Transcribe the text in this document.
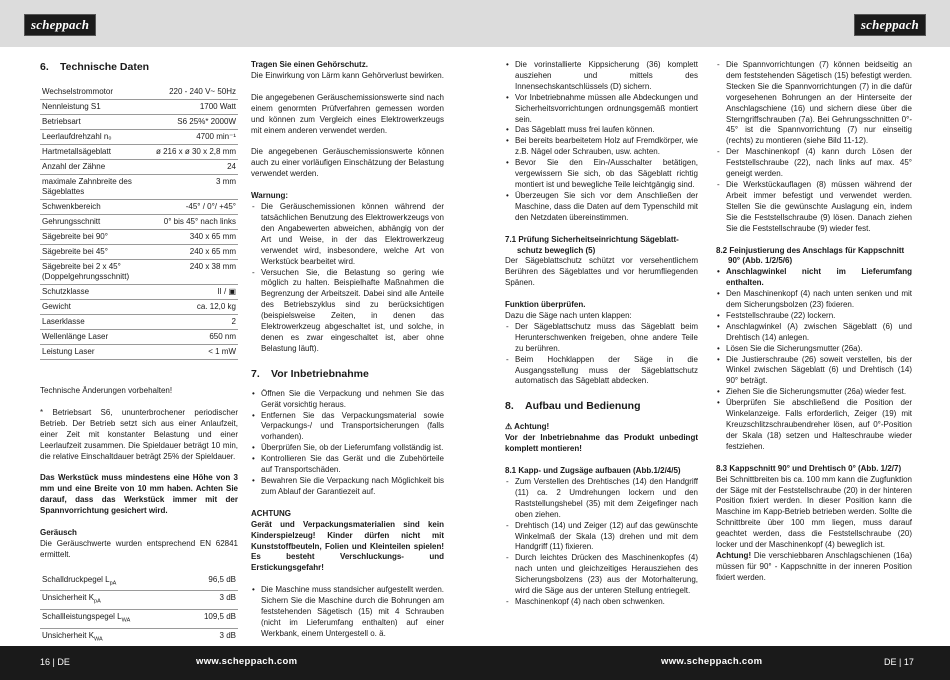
scheppach	scheppach
6. Technische Daten
Wechselstrommotor	220 - 240 V~ 50Hz
Nennleistung S1	1700 Watt
Betriebsart	S6 25%* 2000W
Leerlaufdrehzahl n₀	4700 min⁻¹
Hartmetallsägeblatt	ø 216 x ø 30 x 2,8 mm
Anzahl der Zähne	24
maximale Zahnbreite des Sägeblattes	3 mm
Schwenkbereich	-45° / 0°/ +45°
Gehrungsschnitt	0° bis 45° nach links
Sägebreite bei 90°	340 x 65 mm
Sägebreite bei 45°	240 x 65 mm
Sägebreite bei 2 x 45° (Doppelgehrungsschnitt)	240 x 38 mm
Schutzklasse	II / ▣
Gewicht	ca. 12,0 kg
Laserklasse	2
Wellenlänge Laser	650 nm
Leistung Laser	< 1 mW

Technische Änderungen vorbehalten!

* Betriebsart S6, ununterbrochener periodischer Betrieb. Der Betrieb setzt sich aus einer Anlaufzeit, einer Zeit mit konstanter Belastung und einer Leerlaufzeit zusammen. Die Spieldauer beträgt 10 min, die relative Einschaltdauer beträgt 25% der Spieldauer.

Das Werkstück muss mindestens eine Höhe von 3 mm und eine Breite von 10 mm haben. Achten Sie darauf, dass das Werkstück immer mit der Spannvorrichtung gesichert wird.

Geräusch

Die Geräuschwerte wurden entsprechend EN 62841 ermittelt.

Schalldruckpegel $L_{pA}$	96,5 dB
Unsicherheit $K_{pA}$	3 dB
Schallleistungspegel $L_{WA}$	109,5 dB
Unsicherheit $K_{WA}$	3 dB

Tragen Sie einen Gehörschutz.

Die Einwirkung von Lärm kann Gehörverlust bewirken.

Die angegebenen Geräuschemissionswerte sind nach einem genormten Prüfverfahren gemessen worden und können zum Vergleich eines Elektrowerkzeugs mit einem anderen verwendet werden.

Die angegebenen Geräuschemissionswerte können auch zu einer vorläufigen Einschätzung der Belastung verwendet werden.

Warnung:

- Die Geräuschemissionen können während der tatsächlichen Benutzung des Elektrowerkzeugs von den Angabewerten abweichen, abhängig von der Art und Weise, in der das Elektrowerkzeug verwendet wird, insbesondere, welche Art von Werkstück bearbeitet wird.
- Versuchen Sie, die Belastung so gering wie möglich zu halten. Beispielhafte Maßnahmen die Begrenzung der Arbeitszeit. Dabei sind alle Anteile des Betriebszyklus sind zu berücksichtigen (beispielsweise Zeiten, in denen das Elektrowerkzeug abgeschaltet ist, und solche, in denen es zwar eingeschaltet ist, aber ohne Belastung läuft).
7. Vor Inbetriebnahme
• Öffnen Sie die Verpackung und nehmen Sie das Gerät vorsichtig heraus.
• Entfernen Sie das Verpackungsmaterial sowie Verpackungs-/ und Transportsicherungen (falls vorhanden).
• Überprüfen Sie, ob der Lieferumfang vollständig ist.
• Kontrollieren Sie das Gerät und die Zubehörteile auf Transportschäden.
• Bewahren Sie die Verpackung nach Möglichkeit bis zum Ablauf der Garantiezeit auf.

ACHTUNG

Gerät und Verpackungsmaterialien sind kein Kinderspielzeug! Kinder dürfen nicht mit Kunststoffbeuteln, Folien und Kleinteilen spielen! Es besteht Verschluckungs- und Erstickungsgefahr!

• Die Maschine muss standsicher aufgestellt werden. Sichern Sie die Maschine durch die Bohrungen am feststehenden Sägetisch (15) mit 4 Schrauben (nicht im Lieferumfang enthalten) auf einer Werkbank, einem Untergestell o. ä.
• Die vorinstallierte Kippsicherung (36) komplett ausziehen und mittels des Innensechskantschlüssels (D) sichern.
• Vor Inbetriebnahme müssen alle Abdeckungen und Sicherheitsvorrichtungen ordnungsgemäß montiert sein.
• Das Sägeblatt muss frei laufen können.
• Bei bereits bearbeitetem Holz auf Fremdkörper, wie z.B. Nägel oder Schrauben, usw. achten.
• Bevor Sie den Ein-/Ausschalter betätigen, vergewissern Sie sich, ob das Sägeblatt richtig montiert ist und bewegliche Teile leichtgängig sind.
• Überzeugen Sie sich vor dem Anschließen der Maschine, dass die Daten auf dem Typenschild mit den Netzdaten übereinstimmen.

7.1 Prüfung Sicherheitseinrichtung Sägeblatt-
schutz beweglich (5)

Der Sägeblattschutz schützt vor versehentlichem Berühren des Sägeblattes und vor herumfliegenden Spänen.

Funktion überprüfen.

Dazu die Säge nach unten klappen:

- Der Sägeblattschutz muss das Sägeblatt beim Herunterschwenken freigeben, ohne andere Teile zu berühren.
- Beim Hochklappen der Säge in die Ausgangsstellung muss der Sägeblattschutz automatisch das Sägeblatt abdecken.
8. Aufbau und Bedienung

⚠ Achtung!

Vor der Inbetriebnahme das Produkt unbedingt komplett montieren!

8.1 Kapp- und Zugsäge aufbauen (Abb.1/2/4/5)

- Zum Verstellen des Drehtisches (14) den Handgriff (11) ca. 2 Umdrehungen lockern und den Raststellungshebel (35) mit dem Zeigefinger nach oben ziehen.
- Drehtisch (14) und Zeiger (12) auf das gewünschte Winkelmaß der Skala (13) drehen und mit dem Handgriff (11) fixieren.
- Durch leichtes Drücken des Maschinenkopfes (4) nach unten und gleichzeitiges Herausziehen des Sicherungsbolzens (23) aus der Motorhalterung, wird die Säge aus der unteren Stellung entriegelt.
- Maschinenkopf (4) nach oben schwenken.
- Die Spannvorrichtungen (7) können beidseitig an dem feststehenden Sägetisch (15) befestigt werden. Stecken Sie die Spannvorrichtungen (7) in die dafür vorgesehenen Bohrungen an der Hinterseite der Anschlagschiene (16) und sichern diese über die Sterngriffschrauben (7a). Bei Gehrungsschnitten 0°- 45° ist die Spannvorrichtung (7) nur einseitig (rechts) zu montieren (siehe Bild 11-12).
- Der Maschinenkopf (4) kann durch Lösen der Feststellschraube (22), nach links auf max. 45° geneigt werden.
- Die Werkstückauflagen (8) müssen während der Arbeit immer befestigt und verwendet werden. Stellen Sie die gewünschte Auslagung ein, indem Sie die Feststellschraube (9) lösen. Danach ziehen Sie die Feststellschraube (9) wieder fest.

8.2 Feinjustierung des Anschlags für Kappschnitt
90° (Abb. 1/2/5/6)

• Anschlagwinkel nicht im Lieferumfang enthalten.
• Den Maschinenkopf (4) nach unten senken und mit dem Sicherungsbolzen (23) fixieren.
• Feststellschraube (22) lockern.
• Anschlagwinkel (A) zwischen Sägeblatt (6) und Drehtisch (14) anlegen.
• Lösen Sie die Sicherungsmutter (26a).
• Die Justierschraube (26) soweit verstellen, bis der Winkel zwischen Sägeblatt (6) und Drehtisch (14) 90° beträgt.
• Ziehen Sie die Sicherungsmutter (26a) wieder fest.
• Überprüfen Sie abschließend die Position der Winkelanzeige. Falls erforderlich, Zeiger (19) mit Kreuzschlitzschraubendreher lösen, auf 0°-Position der Skala (18) setzen und Halteschraube wieder festziehen.

8.3 Kappschnitt 90° und Drehtisch 0° (Abb. 1/2/7)

Bei Schnittbreiten bis ca. 100 mm kann die Zugfunktion der Säge mit der Feststellschraube (20) in der hinteren Position fixiert werden. In dieser Position kann die Maschine im Kapp-Betrieb betrieben werden. Sollte die Schnittbreite über 100 mm liegen, muss darauf geachtet werden, dass die Feststellschraube (20) locker und der Maschinenkopf (4) beweglich ist.

Achtung! Die verschiebbaren Anschlagschienen (16a) müssen für 90° - Kappschnitte in der inneren Position fixiert werden.

16 | DE	www.scheppach.com	www.scheppach.com	DE | 17
